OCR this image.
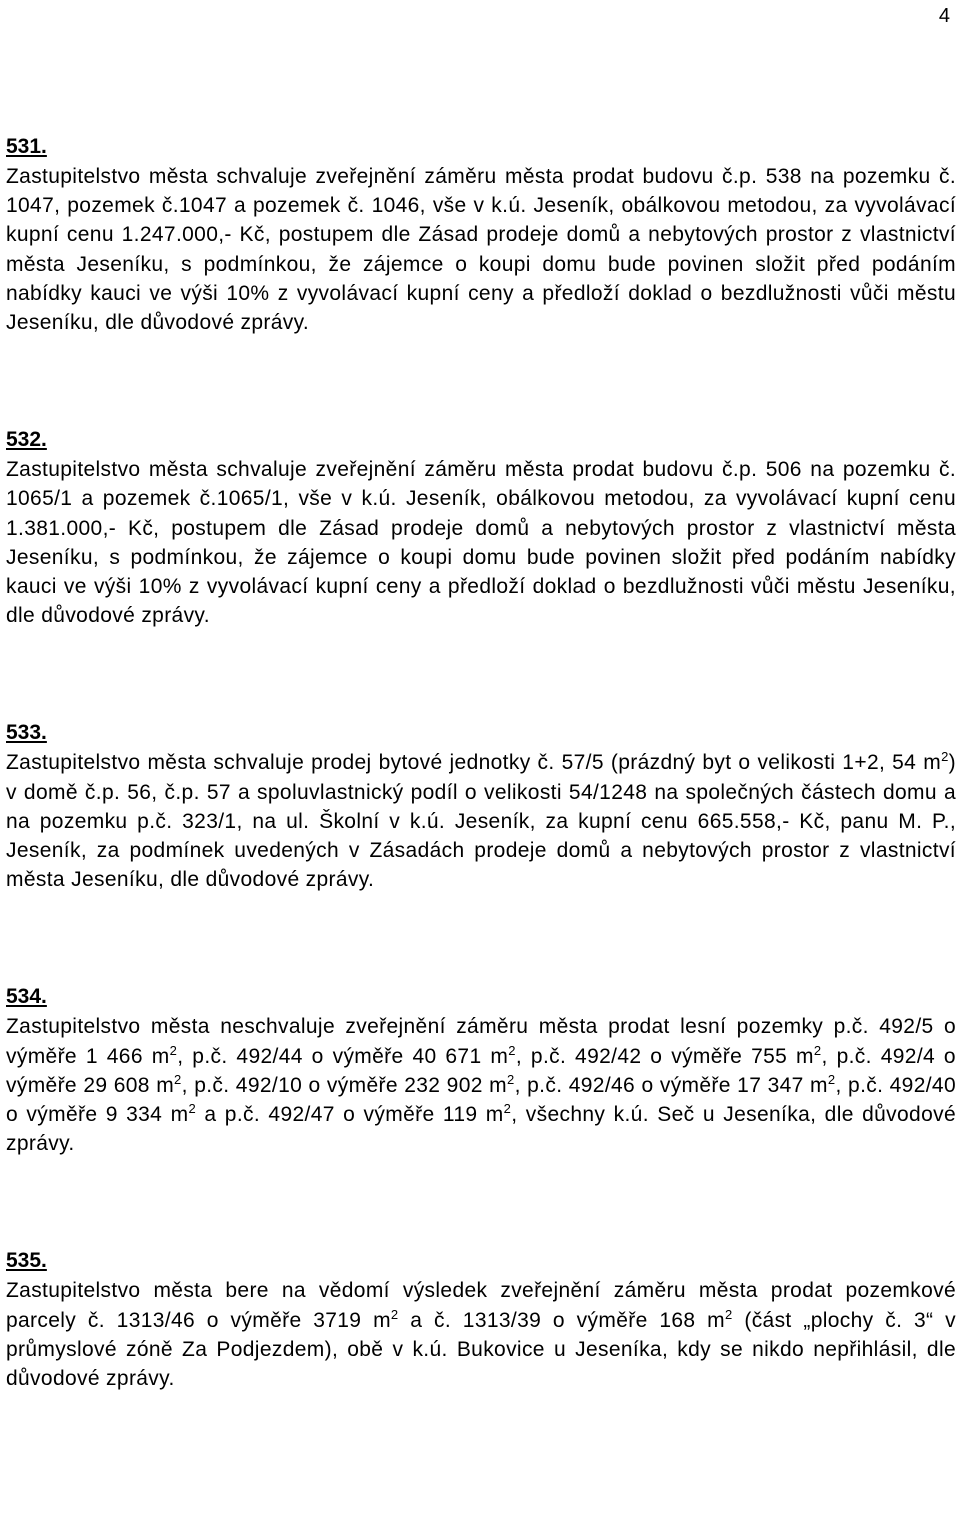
4

531.

Zastupitelstvo města schvaluje zveřejnění záměru města prodat budovu č.p. 538 na pozemku č. 1047, pozemek č.1047 a pozemek č. 1046, vše v k.ú. Jeseník, obálkovou metodou, za vyvolávací kupní cenu 1.247.000,- Kč, postupem dle Zásad prodeje domů a nebytových prostor z vlastnictví města Jeseníku, s podmínkou, že zájemce o koupi domu bude povinen složit před podáním nabídky kauci ve výši 10% z vyvolávací kupní ceny a předloží doklad o bezdlužnosti vůči městu Jeseníku, dle důvodové zprávy.

532.

Zastupitelstvo města schvaluje zveřejnění záměru města prodat budovu č.p. 506 na pozemku č. 1065/1 a pozemek č.1065/1, vše v k.ú. Jeseník, obálkovou metodou, za vyvolávací kupní cenu 1.381.000,- Kč, postupem dle Zásad prodeje domů a nebytových prostor z vlastnictví města Jeseníku, s podmínkou, že zájemce o koupi domu bude povinen složit před podáním nabídky kauci ve výši 10% z vyvolávací kupní ceny a předloží doklad o bezdlužnosti vůči městu Jeseníku, dle důvodové zprávy.

533.

Zastupitelstvo města schvaluje prodej bytové jednotky č. 57/5 (prázdný byt o velikosti 1+2, 54 $m^2$) v domě č.p. 56, č.p. 57 a spoluvlastnický podíl o velikosti 54/1248 na společných částech domu a na pozemku p.č. 323/1, na ul. Školní v k.ú. Jeseník, za kupní cenu 665.558,- Kč, panu M. P., Jeseník, za podmínek uvedených v Zásadách prodeje domů a nebytových prostor z vlastnictví města Jeseníku, dle důvodové zprávy.

534.

Zastupitelstvo města neschvaluje zveřejnění záměru města prodat lesní pozemky p.č. 492/5 o výměře 1 466 $m^2$, p.č. 492/44 o výměře 40 671 $m^2$, p.č. 492/42 o výměře 755 $m^2$, p.č. 492/4 o výměře 29 608 $m^2$, p.č. 492/10 o výměře 232 902 $m^2$, p.č. 492/46 o výměře 17 347 $m^2$, p.č. 492/40 o výměře 9 334 $m^2$ a p.č. 492/47 o výměře 119 $m^2$, všechny k.ú. Seč u Jeseníka, dle důvodové zprávy.

535.

Zastupitelstvo města bere na vědomí výsledek zveřejnění záměru města prodat pozemkové parcely č. 1313/46 o výměře 3719 $m^2$ a č. 1313/39 o výměře 168 $m^2$ (část „plochy č. 3“ v průmyslové zóně Za Podjezdem), obě v k.ú. Bukovice u Jeseníka, kdy se nikdo nepřihlásil, dle důvodové zprávy.
